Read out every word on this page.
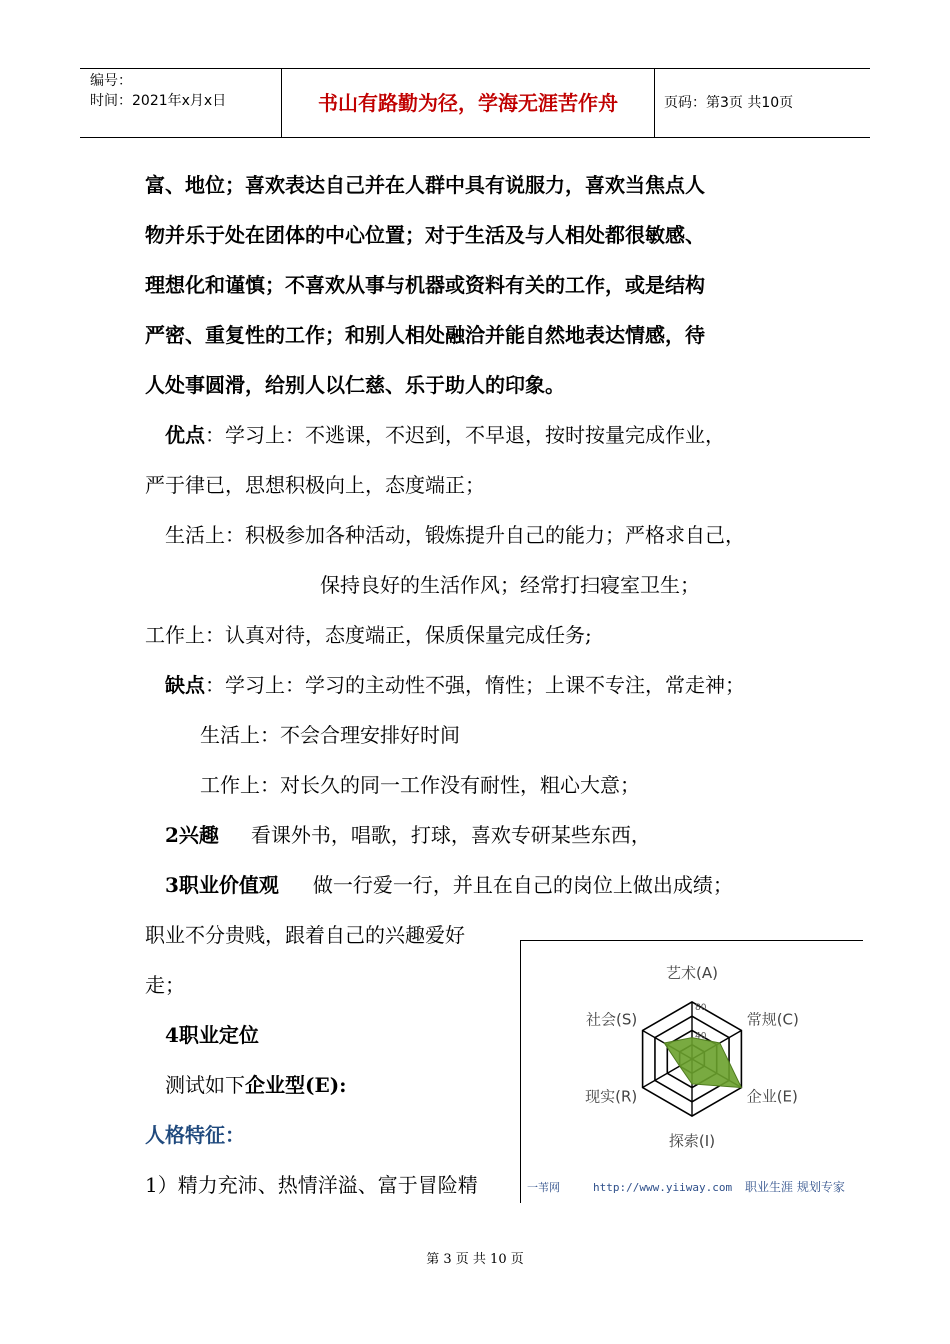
编号：
时间：2021年x月x日	书山有路勤为径，学海无涯苦作舟	页码：第3页 共10页
富、地位；喜欢表达自己并在人群中具有说服力，喜欢当焦点人
物并乐于处在团体的中心位置；对于生活及与人相处都很敏感、
理想化和谨慎；不喜欢从事与机器或资料有关的工作，或是结构
严密、重复性的工作；和别人相处融洽并能自然地表达情感，待
人处事圆滑，给别人以仁慈、乐于助人的印象。
优点：学习上：不逃课，不迟到，不早退，按时按量完成作业，
严于律已，思想积极向上，态度端正；
生活上：积极参加各种活动，锻炼提升自己的能力；严格求自己，
保持良好的生活作风；经常打扫寝室卫生；
工作上：认真对待，态度端正，保质保量完成任务;
缺点：学习上：学习的主动性不强，惰性；上课不专注，常走神；
生活上：不会合理安排好时间
工作上：对长久的同一工作没有耐性，粗心大意；
2兴趣 看课外书，唱歌，打球，喜欢专研某些东西，
3职业价值观 做一行爱一行，并且在自己的岗位上做出成绩；
职业不分贵贱，跟着自己的兴趣爱好
走；
4职业定位
测试如下企业型(E):
人格特征：
1）精力充沛、热情洋溢、富于冒险精
80
40
艺术(A)
常规(C)
企业(E)
探索(I)
现实(R)
社会(S)
一苇网	http://www.yiiway.com 职业生涯 规划专家
第 3 页 共 10 页
